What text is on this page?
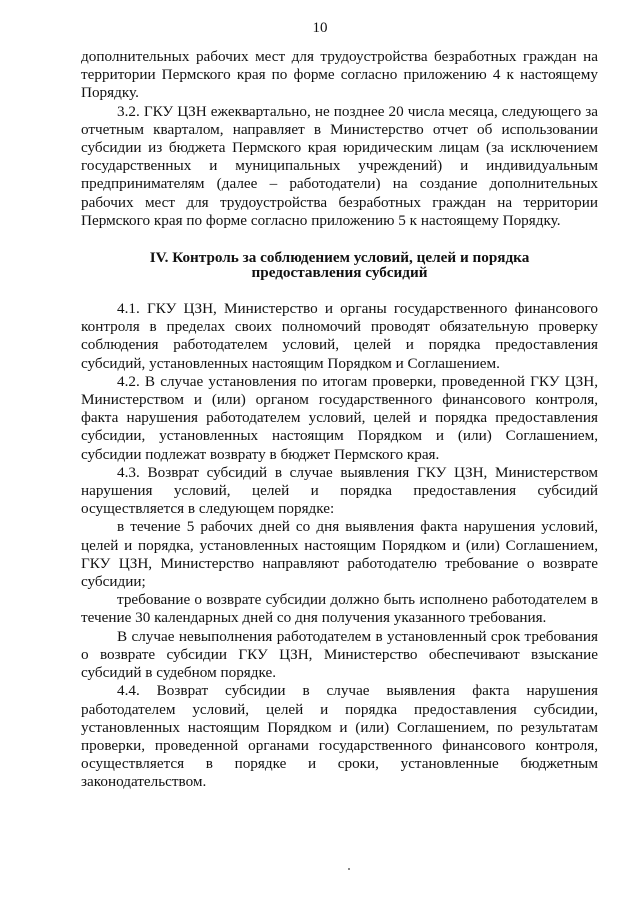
10

дополнительных рабочих мест для трудоустройства безработных граждан на территории Пермского края по форме согласно приложению 4 к настоящему Порядку.

3.2. ГКУ ЦЗН ежеквартально, не позднее 20 числа месяца, следующего за отчетным кварталом, направляет в Министерство отчет об использовании субсидии из бюджета Пермского края юридическим лицам (за исключением государственных и муниципальных учреждений) и индивидуальным предпринимателям (далее – работодатели) на создание дополнительных рабочих мест для трудоустройства безработных граждан на территории Пермского края по форме согласно приложению 5 к настоящему Порядку.

IV. Контроль за соблюдением условий, целей и порядка
предоставления субсидий

4.1. ГКУ ЦЗН, Министерство и органы государственного финансового контроля в пределах своих полномочий проводят обязательную проверку соблюдения работодателем условий, целей и порядка предоставления субсидий, установленных настоящим Порядком и Соглашением.

4.2. В случае установления по итогам проверки, проведенной ГКУ ЦЗН, Министерством и (или) органом государственного финансового контроля, факта нарушения работодателем условий, целей и порядка предоставления субсидии, установленных настоящим Порядком и (или) Соглашением, субсидии подлежат возврату в бюджет Пермского края.

4.3. Возврат субсидий в случае выявления ГКУ ЦЗН, Министерством нарушения условий, целей и порядка предоставления субсидий осуществляется в следующем порядке:

в течение 5 рабочих дней со дня выявления факта нарушения условий, целей и порядка, установленных настоящим Порядком и (или) Соглашением, ГКУ ЦЗН, Министерство направляют работодателю требование о возврате субсидии;

требование о возврате субсидии должно быть исполнено работодателем в течение 30 календарных дней со дня получения указанного требования.

В случае невыполнения работодателем в установленный срок требования о возврате субсидии ГКУ ЦЗН, Министерство обеспечивают взыскание субсидий в судебном порядке.

4.4. Возврат субсидии в случае выявления факта нарушения работодателем условий, целей и порядка предоставления субсидии, установленных настоящим Порядком и (или) Соглашением, по результатам проверки, проведенной органами государственного финансового контроля, осуществляется в порядке и сроки, установленные бюджетным законодательством.
